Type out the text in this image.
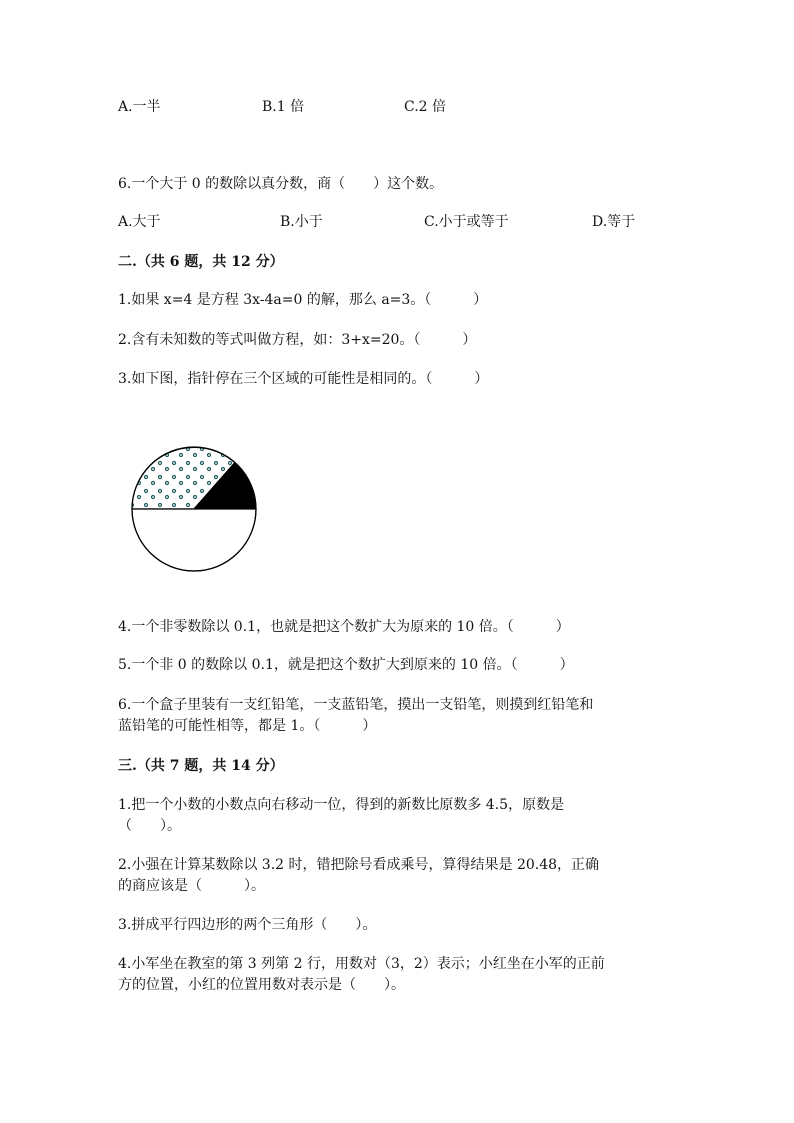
A.一半	B.1 倍	C.2 倍
6.一个大于 0 的数除以真分数，商（　　）这个数。
A.大于	B.小于	C.小于或等于	D.等于
二.（共 6 题，共 12 分）
1.如果 x=4 是方程 3x-4a=0 的解，那么 a=3。（　　　）
2.含有未知数的等式叫做方程，如：3+x=20。（　　　）
3.如下图，指针停在三个区域的可能性是相同的。（　　　）
4.一个非零数除以 0.1，也就是把这个数扩大为原来的 10 倍。（　　　）
5.一个非 0 的数除以 0.1，就是把这个数扩大到原来的 10 倍。（　　　）
6.一个盒子里装有一支红铅笔，一支蓝铅笔，摸出一支铅笔，则摸到红铅笔和
蓝铅笔的可能性相等，都是 1。（　　　）
三.（共 7 题，共 14 分）
1.把一个小数的小数点向右移动一位，得到的新数比原数多 4.5，原数是
（　　）。
2.小强在计算某数除以 3.2 时，错把除号看成乘号，算得结果是 20.48，正确
的商应该是（　　　）。
3.拼成平行四边形的两个三角形（　　）。
4.小军坐在教室的第 3 列第 2 行，用数对（3，2）表示；小红坐在小军的正前
方的位置，小红的位置用数对表示是（　　）。
